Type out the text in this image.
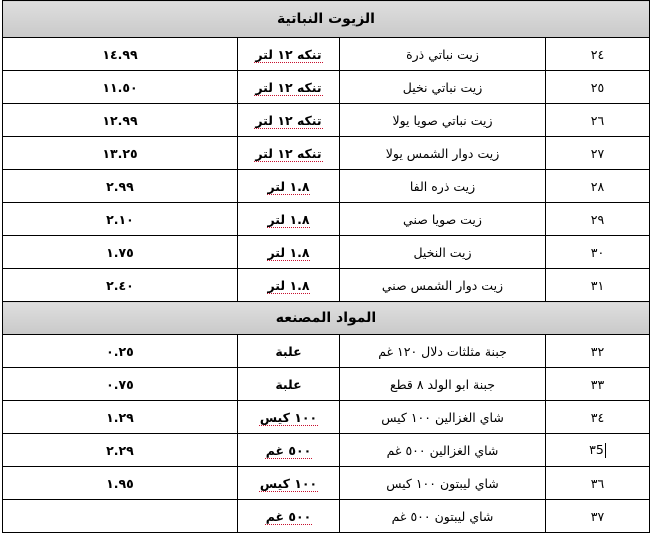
الزيوت النباتية			
١٤.٩٩	تنكه ١٢ لتر	زيت نباتي ذرة	٢٤
١١.٥٠	تنكه ١٢ لتر	زيت نباتي نخيل	٢٥
١٢.٩٩	تنكه ١٢ لتر	زيت نباتي صويا يولا	٢٦
١٣.٢٥	تنكه ١٢ لتر	زيت دوار الشمس يولا	٢٧
٢.٩٩	١.٨ لتر	زيت ذره الفا	٢٨
٢.١٠	١.٨ لتر	زيت صويا صني	٢٩
١.٧٥	١.٨ لتر	زيت النخيل	٣٠
٢.٤٠	١.٨ لتر	زيت دوار الشمس صني	٣١
المواد المصنعه			
٠.٢٥	علبة	جبنة مثلثات دلال ١٢٠ غم	٣٢
٠.٧٥	علبة	جبنة ابو الولد ٨ قطع	٣٣
١.٢٩	١٠٠ كيس	شاي الغزالين ١٠٠ كيس	٣٤
٢.٢٩	٥٠٠ غم	شاي الغزالين ٥٠٠ غم	٣5
١.٩٥	١٠٠ كيس	شاي ليبتون ١٠٠ كيس	٣٦
	٥٠٠ غم	شاي ليبتون ٥٠٠ غم	٣٧
